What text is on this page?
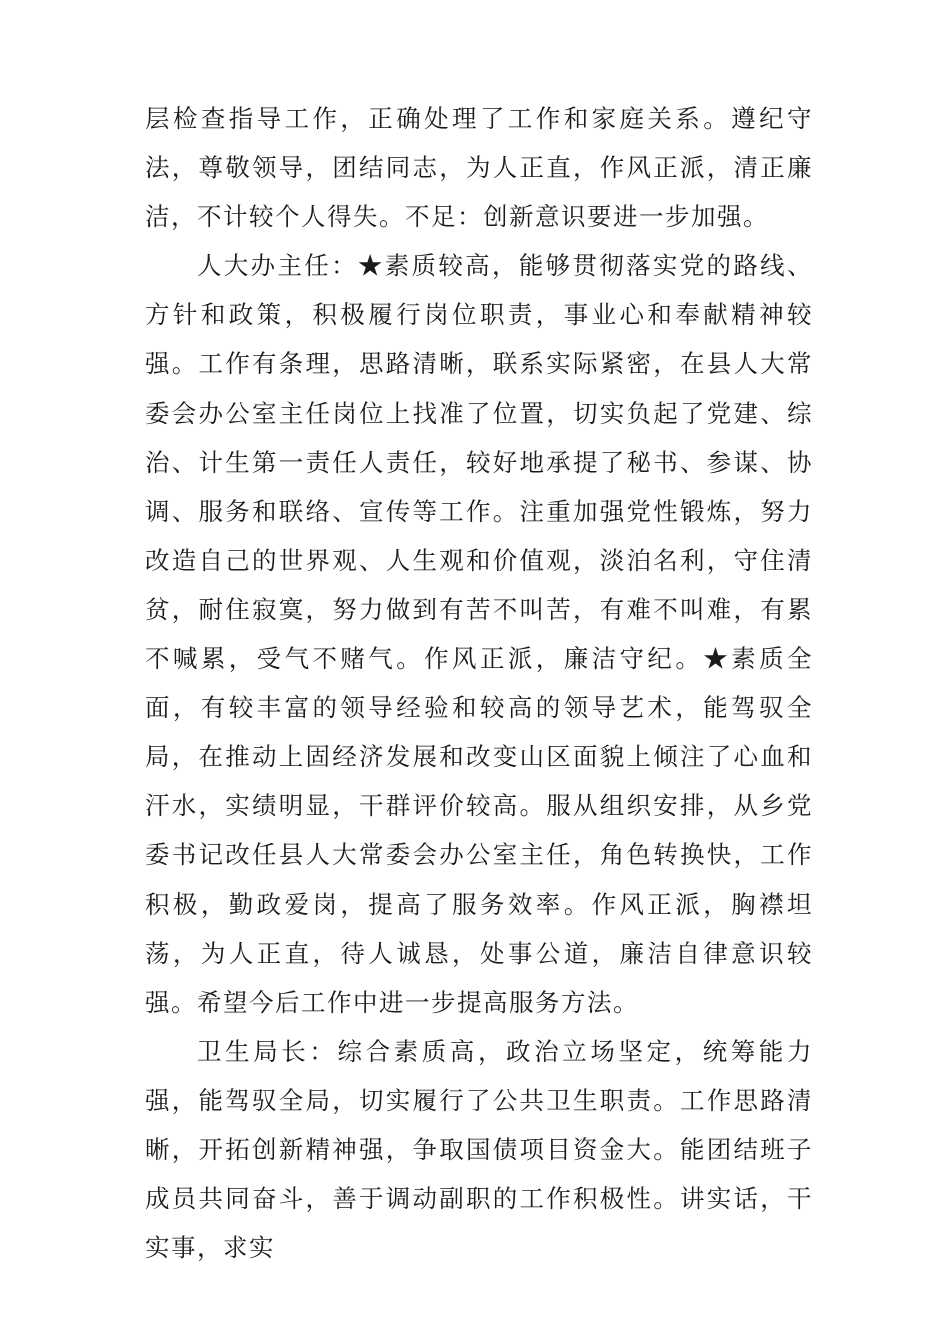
层检查指导工作，正确处理了工作和家庭关系。遵纪守法，尊敬领导，团结同志，为人正直，作风正派，清正廉洁，不计较个人得失。不足：创新意识要进一步加强。

人大办主任：★素质较高，能够贯彻落实党的路线、方针和政策，积极履行岗位职责，事业心和奉献精神较强。工作有条理，思路清晰，联系实际紧密，在县人大常委会办公室主任岗位上找准了位置，切实负起了党建、综治、计生第一责任人责任，较好地承提了秘书、参谋、协调、服务和联络、宣传等工作。注重加强党性锻炼，努力改造自己的世界观、人生观和价值观，淡泊名利，守住清贫，耐住寂寞，努力做到有苦不叫苦，有难不叫难，有累不喊累，受气不赌气。作风正派，廉洁守纪。★素质全面，有较丰富的领导经验和较高的领导艺术，能驾驭全局，在推动上固经济发展和改变山区面貌上倾注了心血和汗水，实绩明显，干群评价较高。服从组织安排，从乡党委书记改任县人大常委会办公室主任，角色转换快，工作积极，勤政爱岗，提高了服务效率。作风正派，胸襟坦荡，为人正直，待人诚恳，处事公道，廉洁自律意识较强。希望今后工作中进一步提高服务方法。

卫生局长：综合素质高，政治立场坚定，统筹能力强，能驾驭全局，切实履行了公共卫生职责。工作思路清晰，开拓创新精神强，争取国债项目资金大。能团结班子成员共同奋斗，善于调动副职的工作积极性。讲实话，干实事，求实
